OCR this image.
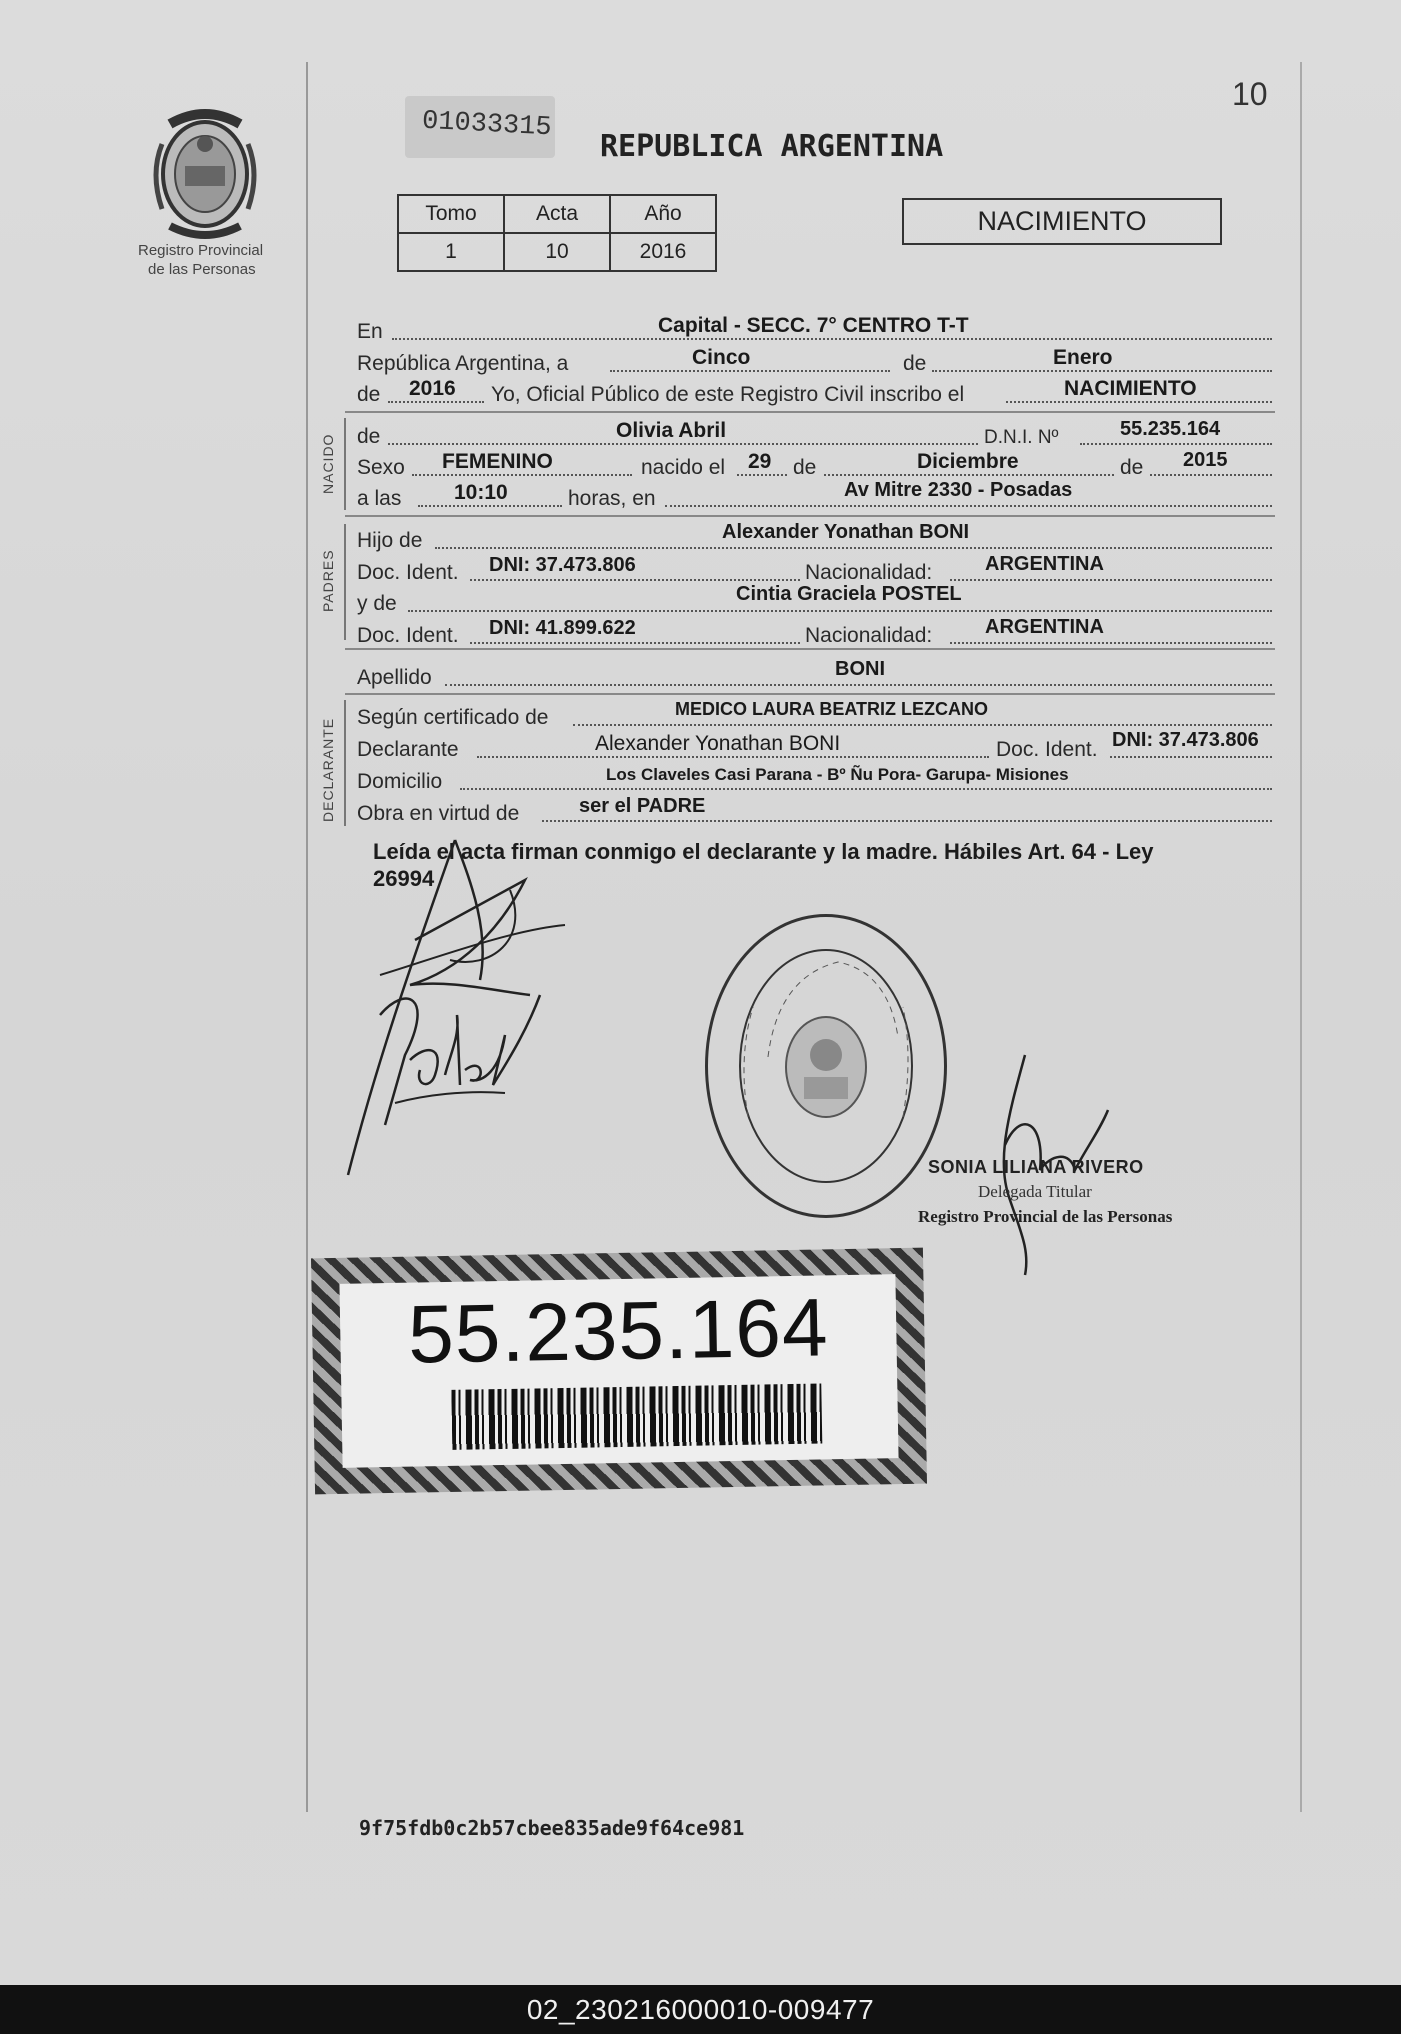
10
Registro Provincial
de las Personas
01033315
REPUBLICA ARGENTINA
Tomo	Acta	Año
1	10	2016
NACIMIENTO
En	Capital - SECC. 7° CENTRO T-T
República Argentina, a	Cinco	de	Enero
de 2016 Yo, Oficial Público de este Registro Civil inscribo el	NACIMIENTO
NACIDO de	Olivia Abril	D.N.I. Nº	55.235.164
Sexo FEMENINO	nacido el 29 de	Diciembre	de 2015
a las	10:10	horas, en	Av Mitre 2330 - Posadas
PADRES
Hijo de	Alexander Yonathan BONI
Doc. Ident. DNI: 37.473.806	Nacionalidad:	ARGENTINA
y de	Cintia Graciela POSTEL
Doc. Ident. DNI: 41.899.622	Nacionalidad:	ARGENTINA
Apellido	BONI
DECLARANTE
Según certificado de	MEDICO LAURA BEATRIZ LEZCANO
Declarante	Alexander Yonathan BONI	Doc. Ident. DNI: 37.473.806
Domicilio	Los Claveles Casi Parana - Bº Ñu Pora- Garupa- Misiones
Obra en virtud de	ser el PADRE
Leída el acta firman conmigo el declarante y la madre. Hábiles Art. 64 - Ley
26994
SONIA LILIANA RIVERO
Delegada Titular
Registro Provincial de las Personas
55.235.164
9f75fdb0c2b57cbee835ade9f64ce981
02_230216000010-009477
